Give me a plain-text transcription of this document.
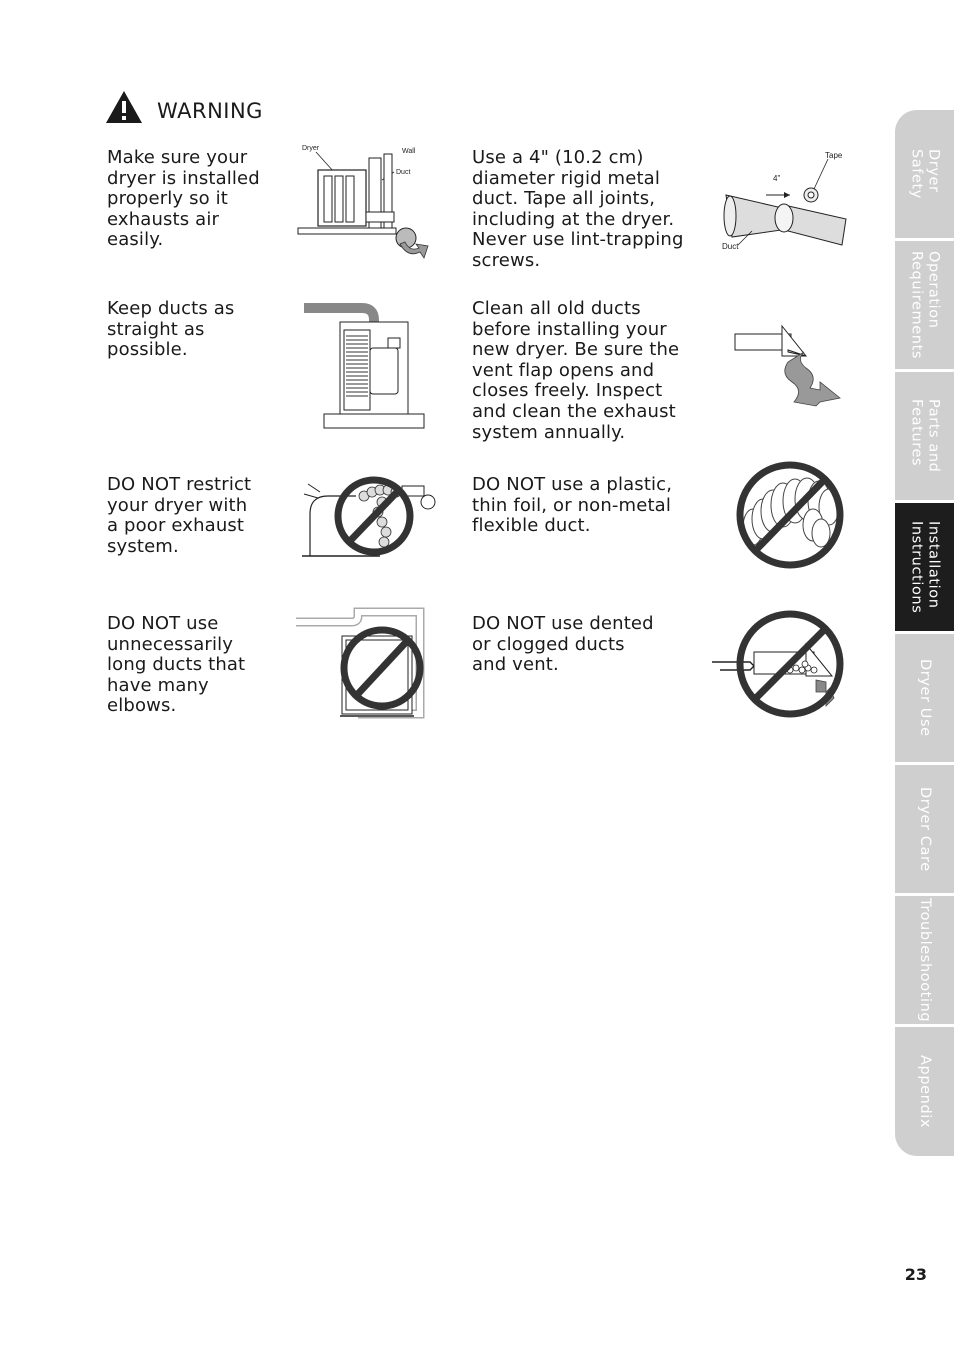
WARNING
Make sure your
dryer is installed
properly so it
exhausts air
easily.
Use a 4" (10.2 cm)
diameter rigid metal
duct. Tape all joints,
including at the dryer.
Never use lint-trapping
screws.
Keep ducts as
straight as
possible.
Clean all old ducts
before installing your
new dryer. Be sure the
vent flap opens and
closes freely. Inspect
and clean the exhaust
system annually.
DO NOT restrict
your dryer with
a poor exhaust
system.
DO NOT use a plastic,
thin foil, or non-metal
flexible duct.
DO NOT use
unnecessarily
long ducts that
have many
elbows.
DO NOT use dented
or clogged ducts
and vent.
Dryer	Wall
Duct
Tape
4"
Duct
Dryer
Safety
Operation
Requirements
Parts and
Features
Installation
Instructions
Dryer Use
Dryer Care
Troubleshooting
Appendix
23
